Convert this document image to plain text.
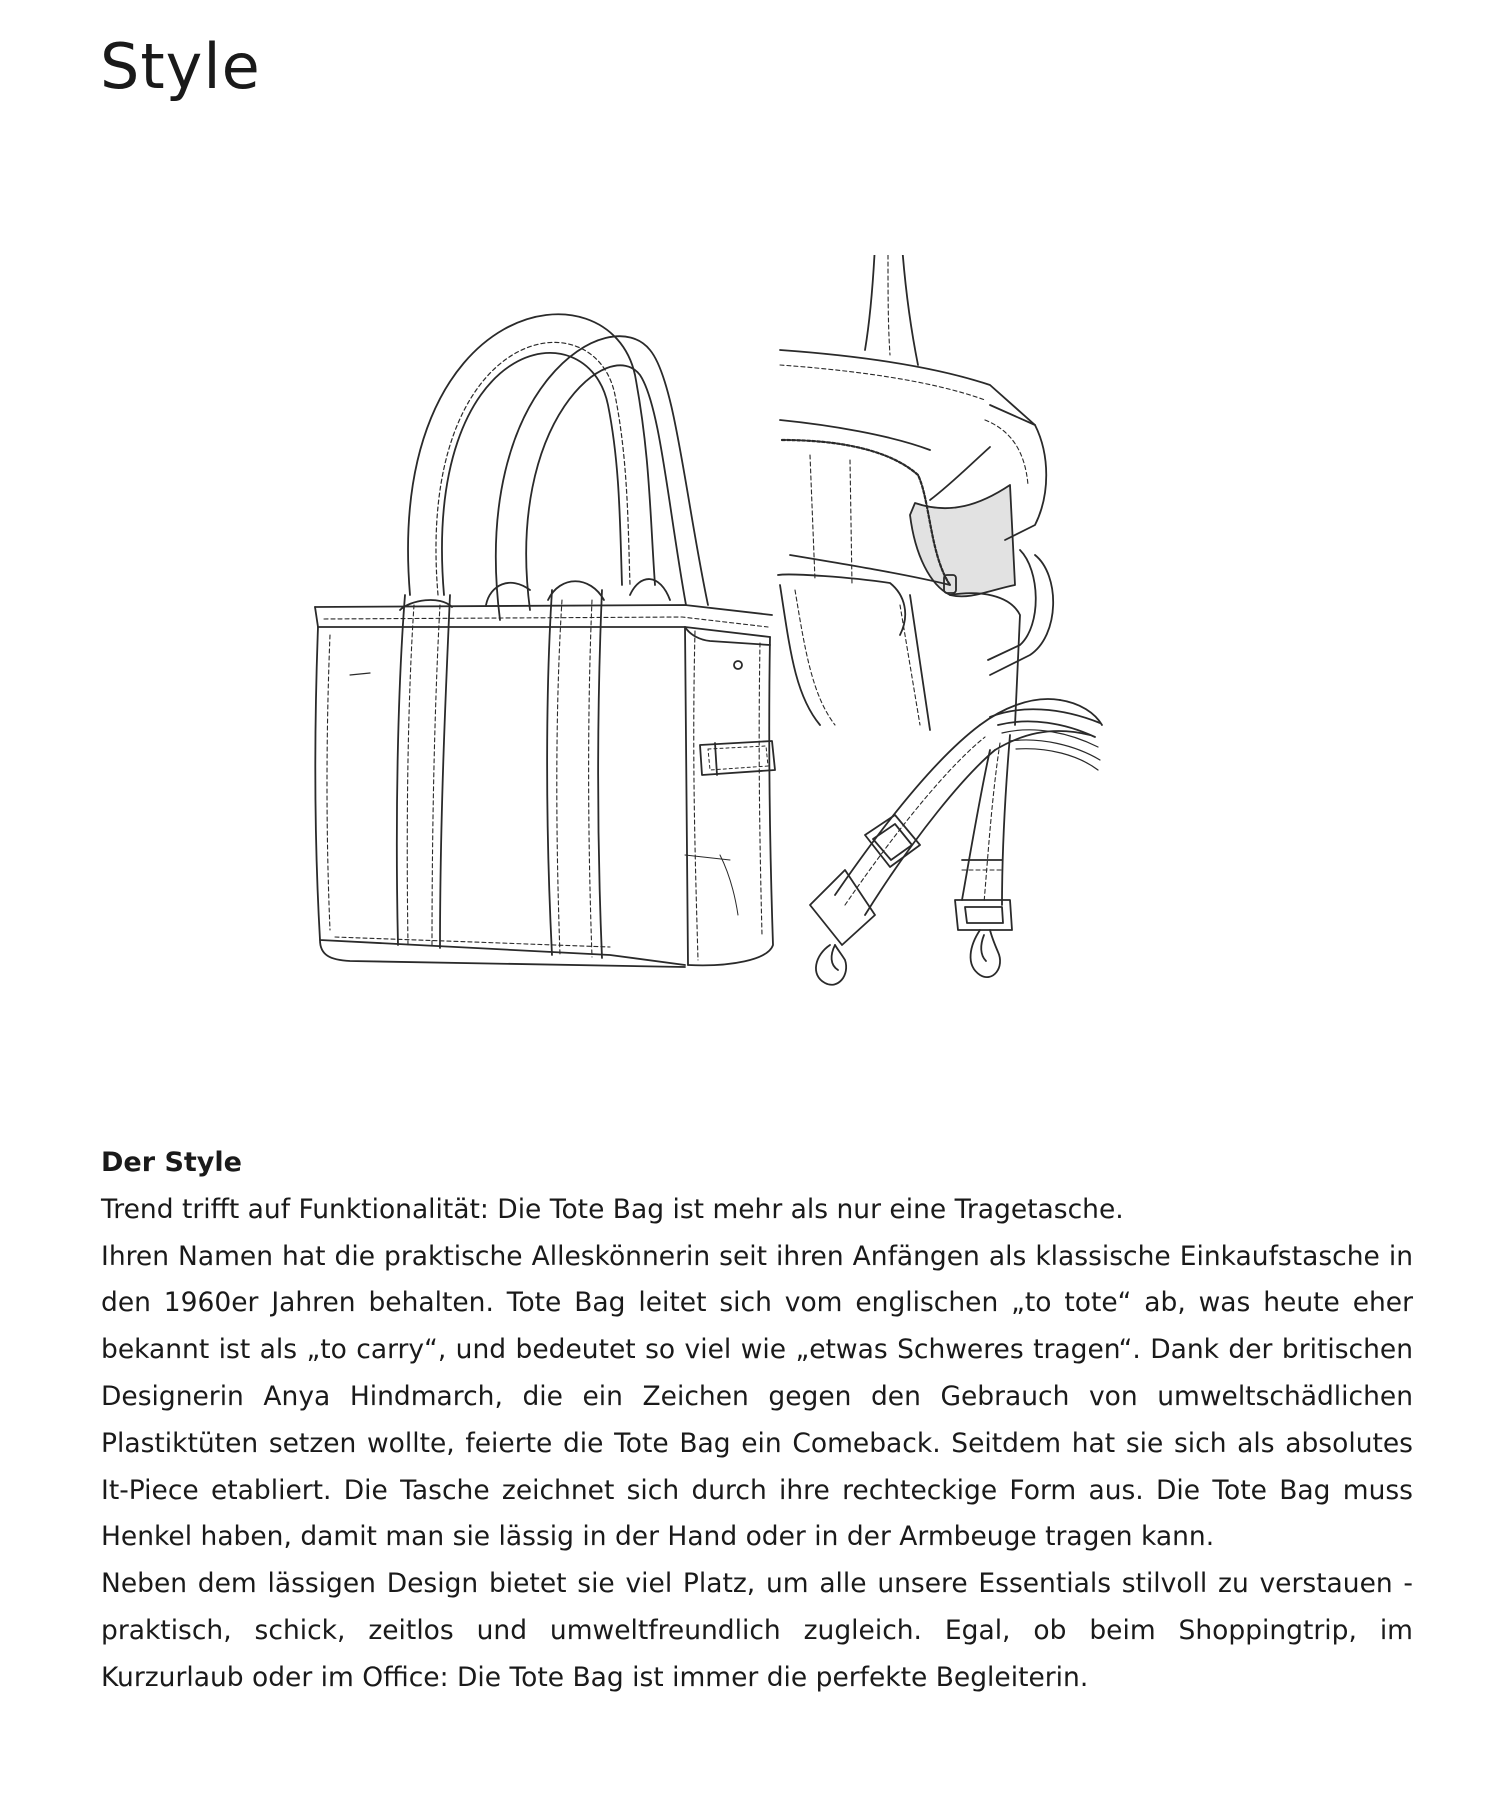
Style
Der Style

Trend trifft auf Funktionalität: Die Tote Bag ist mehr als nur eine Tragetasche.

Ihren Namen hat die praktische Alleskönnerin seit ihren Anfängen als klassische Einkaufstasche in den 1960er Jahren behalten. Tote Bag leitet sich vom englischen „to tote“ ab, was heute eher bekannt ist als „to carry“, und bedeutet so viel wie „etwas Schweres tragen“. Dank der britischen Designerin Anya Hindmarch, die ein Zeichen gegen den Gebrauch von umweltschädlichen Plastiktüten setzen wollte, feierte die Tote Bag ein Comeback. Seitdem hat sie sich als absolutes It-Piece etabliert. Die Tasche zeichnet sich durch ihre rechteckige Form aus. Die Tote Bag muss Henkel haben, damit man sie lässig in der Hand oder in der Armbeuge tragen kann.

Neben dem lässigen Design bietet sie viel Platz, um alle unsere Essentials stilvoll zu verstauen - praktisch, schick, zeitlos und umweltfreundlich zugleich. Egal, ob beim Shoppingtrip, im Kurzurlaub oder im Office: Die Tote Bag ist immer die perfekte Begleiterin.
